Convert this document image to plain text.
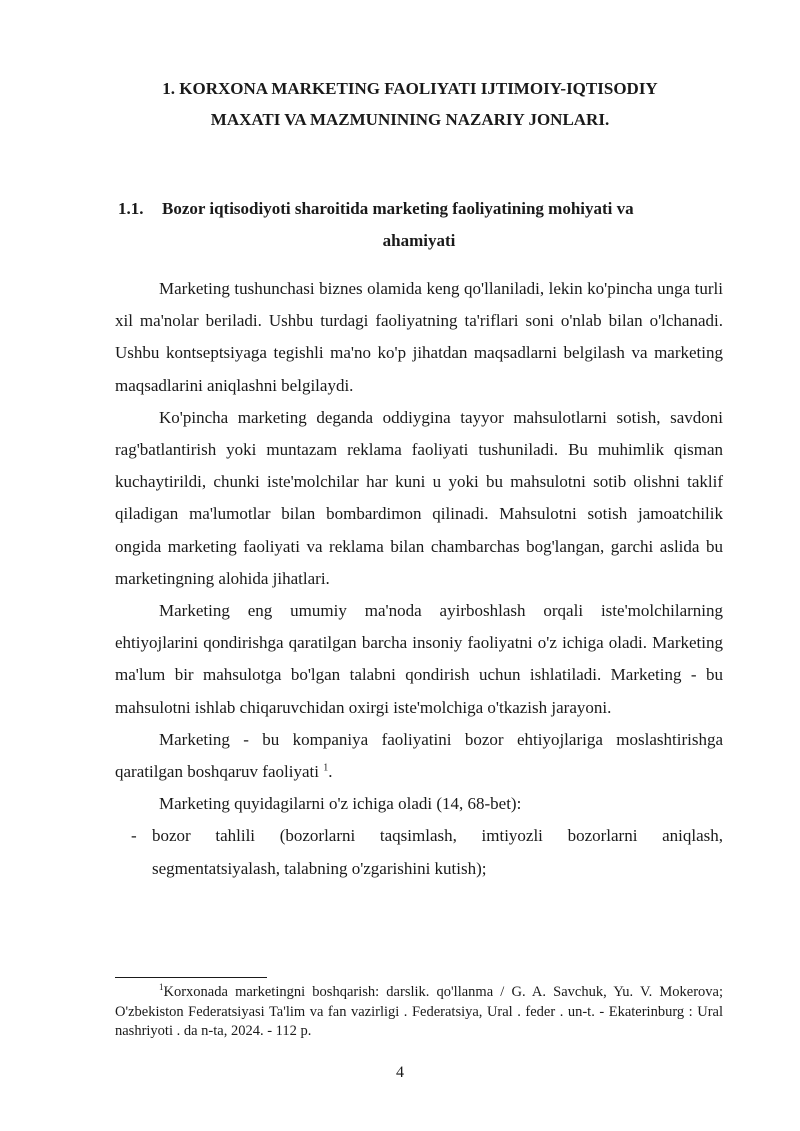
1. KORXONA MARKETING FAOLIYATI IJTIMOIY-IQTISODIY
MAXATI VA MAZMUNINING NAZARIY JONLARI.
1.1. Bozor iqtisodiyoti sharoitida marketing faoliyatining mohiyati va
ahamiyati

Marketing tushunchasi biznes olamida keng qo'llaniladi, lekin ko'pincha unga turli xil ma'nolar beriladi. Ushbu turdagi faoliyatning ta'riflari soni o'nlab bilan o'lchanadi. Ushbu kontseptsiyaga tegishli ma'no ko'p jihatdan maqsadlarni belgilash va marketing maqsadlarini aniqlashni belgilaydi.

Ko'pincha marketing deganda oddiygina tayyor mahsulotlarni sotish, savdoni rag'batlantirish yoki muntazam reklama faoliyati tushuniladi. Bu muhimlik qisman kuchaytirildi, chunki iste'molchilar har kuni u yoki bu mahsulotni sotib olishni taklif qiladigan ma'lumotlar bilan bombardimon qilinadi. Mahsulotni sotish jamoatchilik ongida marketing faoliyati va reklama bilan chambarchas bog'langan, garchi aslida bu marketingning alohida jihatlari.

Marketing eng umumiy ma'noda ayirboshlash orqali iste'molchilarning ehtiyojlarini qondirishga qaratilgan barcha insoniy faoliyatni o'z ichiga oladi. Marketing ma'lum bir mahsulotga bo'lgan talabni qondirish uchun ishlatiladi. Marketing - bu mahsulotni ishlab chiqaruvchidan oxirgi iste'molchiga o'tkazish jarayoni.

Marketing - bu kompaniya faoliyatini bozor ehtiyojlariga moslashtirishga qaratilgan boshqaruv faoliyati $^1$.

Marketing quyidagilarni o'z ichiga oladi (14, 68-bet):

- bozor tahlili (bozorlarni taqsimlash, imtiyozli bozorlarni aniqlash, segmentatsiyalash, talabning o'zgarishini kutish);

$^1$Korxonada marketingni boshqarish: darslik. qo'llanma / G. A. Savchuk, Yu. V. Mokerova; O'zbekiston Federatsiyasi Ta'lim va fan vazirligi . Federatsiya, Ural . feder . un-t. - Ekaterinburg : Ural nashriyoti . da n-ta, 2024. - 112 p.

4
